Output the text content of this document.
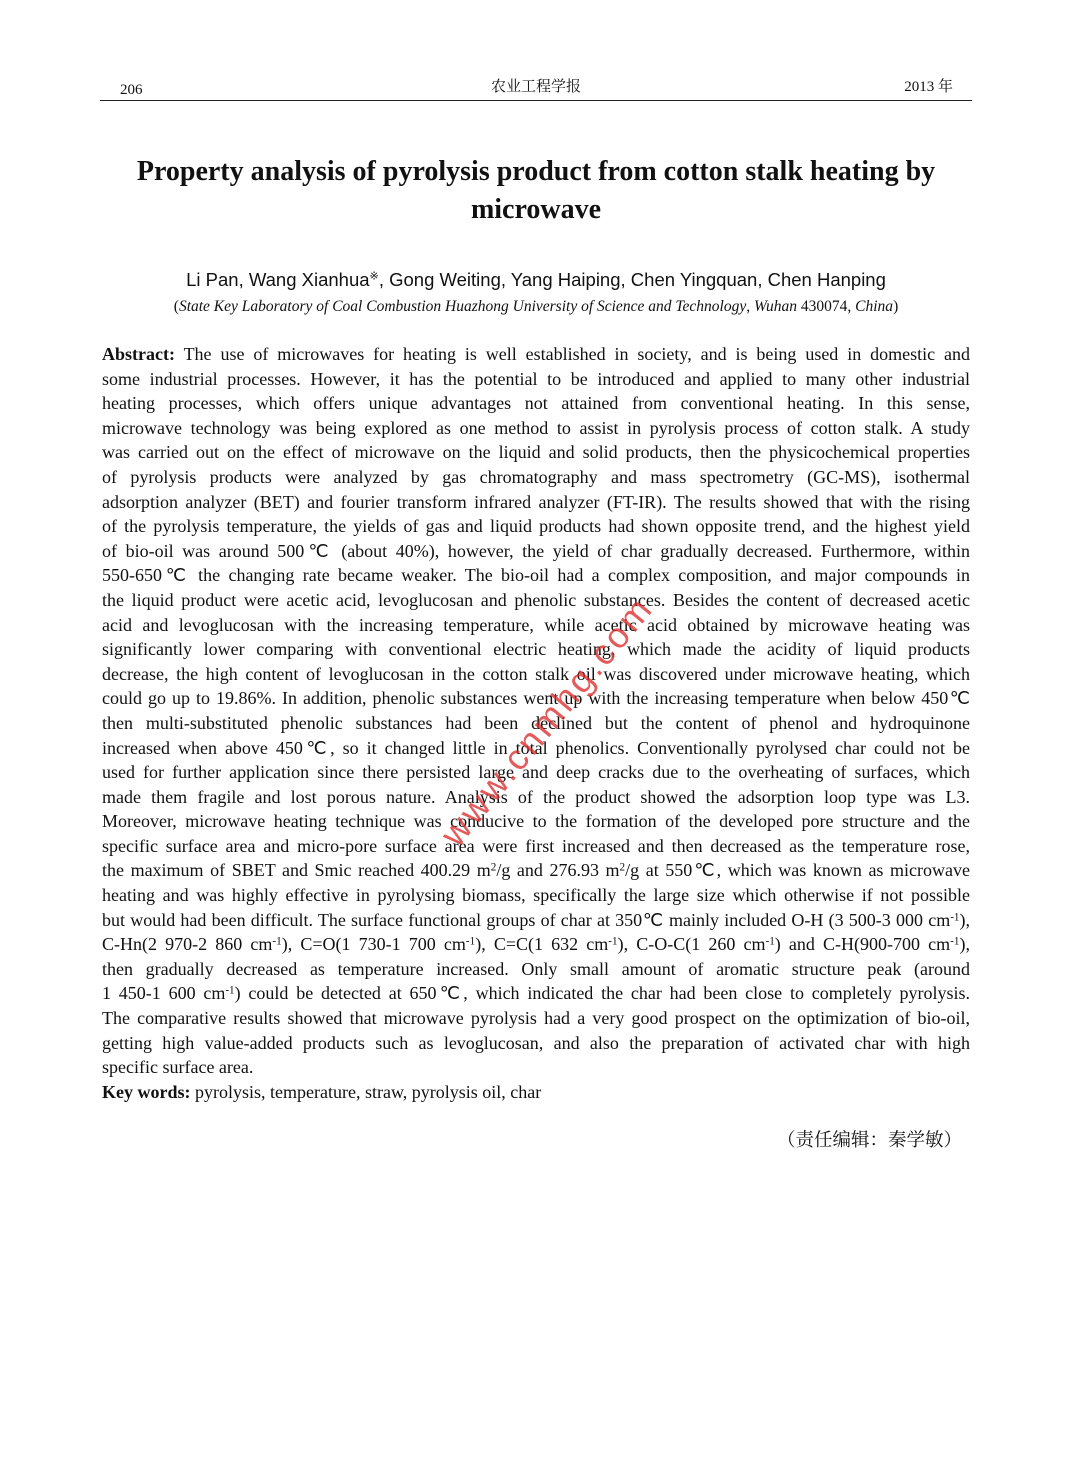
206	农业工程学报	2013 年
Property analysis of pyrolysis product from cotton stalk heating by
microwave
Li Pan, Wang Xianhua※, Gong Weiting, Yang Haiping, Chen Yingquan, Chen Hanping
(State Key Laboratory of Coal Combustion Huazhong University of Science and Technology, Wuhan 430074, China)
Abstract: The use of microwaves for heating is well established in society, and is being used in domestic and
some industrial processes. However, it has the potential to be introduced and applied to many other industrial
heating processes, which offers unique advantages not attained from conventional heating. In this sense,
microwave technology was being explored as one method to assist in pyrolysis process of cotton stalk. A study
was carried out on the effect of microwave on the liquid and solid products, then the physicochemical properties
of pyrolysis products were analyzed by gas chromatography and mass spectrometry (GC-MS), isothermal
adsorption analyzer (BET) and fourier transform infrared analyzer (FT-IR). The results showed that with the rising
of the pyrolysis temperature, the yields of gas and liquid products had shown opposite trend, and the highest yield
of bio-oil was around 500℃ (about 40%), however, the yield of char gradually decreased. Furthermore, within
550-650℃ the changing rate became weaker. The bio-oil had a complex composition, and major compounds in
the liquid product were acetic acid, levoglucosan and phenolic substances. Besides the content of decreased acetic
acid and levoglucosan with the increasing temperature, while acetic acid obtained by microwave heating was
significantly lower comparing with conventional electric heating, which made the acidity of liquid products
decrease, the high content of levoglucosan in the cotton stalk oil was discovered under microwave heating, which
could go up to 19.86%. In addition, phenolic substances went up with the increasing temperature when below 450℃
then multi-substituted phenolic substances had been declined but the content of phenol and hydroquinone
increased when above 450℃, so it changed little in total phenolics. Conventionally pyrolysed char could not be
used for further application since there persisted large and deep cracks due to the overheating of surfaces, which
made them fragile and lost porous nature. Analysis of the product showed the adsorption loop type was L3.
Moreover, microwave heating technique was conducive to the formation of the developed pore structure and the
specific surface area and micro-pore surface area were first increased and then decreased as the temperature rose,
the maximum of SBET and Smic reached 400.29 $m^2/g$ and 276.93 $m^2/g$ at 550℃, which was known as microwave
heating and was highly effective in pyrolysing biomass, specifically the large size which otherwise if not possible
but would had been difficult. The surface functional groups of char at 350℃ mainly included O-H (3 500-3 000 $cm^{-1}$),
C-Hn(2 970-2 860 $cm^{-1}$), C=O(1 730-1 700 $cm^{-1}$), C=C(1 632 $cm^{-1}$), C-O-C(1 260 $cm^{-1}$) and C-H(900-700 $cm^{-1}$),
then gradually decreased as temperature increased. Only small amount of aromatic structure peak (around
1 450-1 600 $cm^{-1}$) could be detected at 650℃, which indicated the char had been close to completely pyrolysis.
The comparative results showed that microwave pyrolysis had a very good prospect on the optimization of bio-oil,
getting high value-added products such as levoglucosan, and also the preparation of activated char with high
specific surface area.
Key words: pyrolysis, temperature, straw, pyrolysis oil, char
（责任编辑：秦学敏）
www.cnmhg.com
